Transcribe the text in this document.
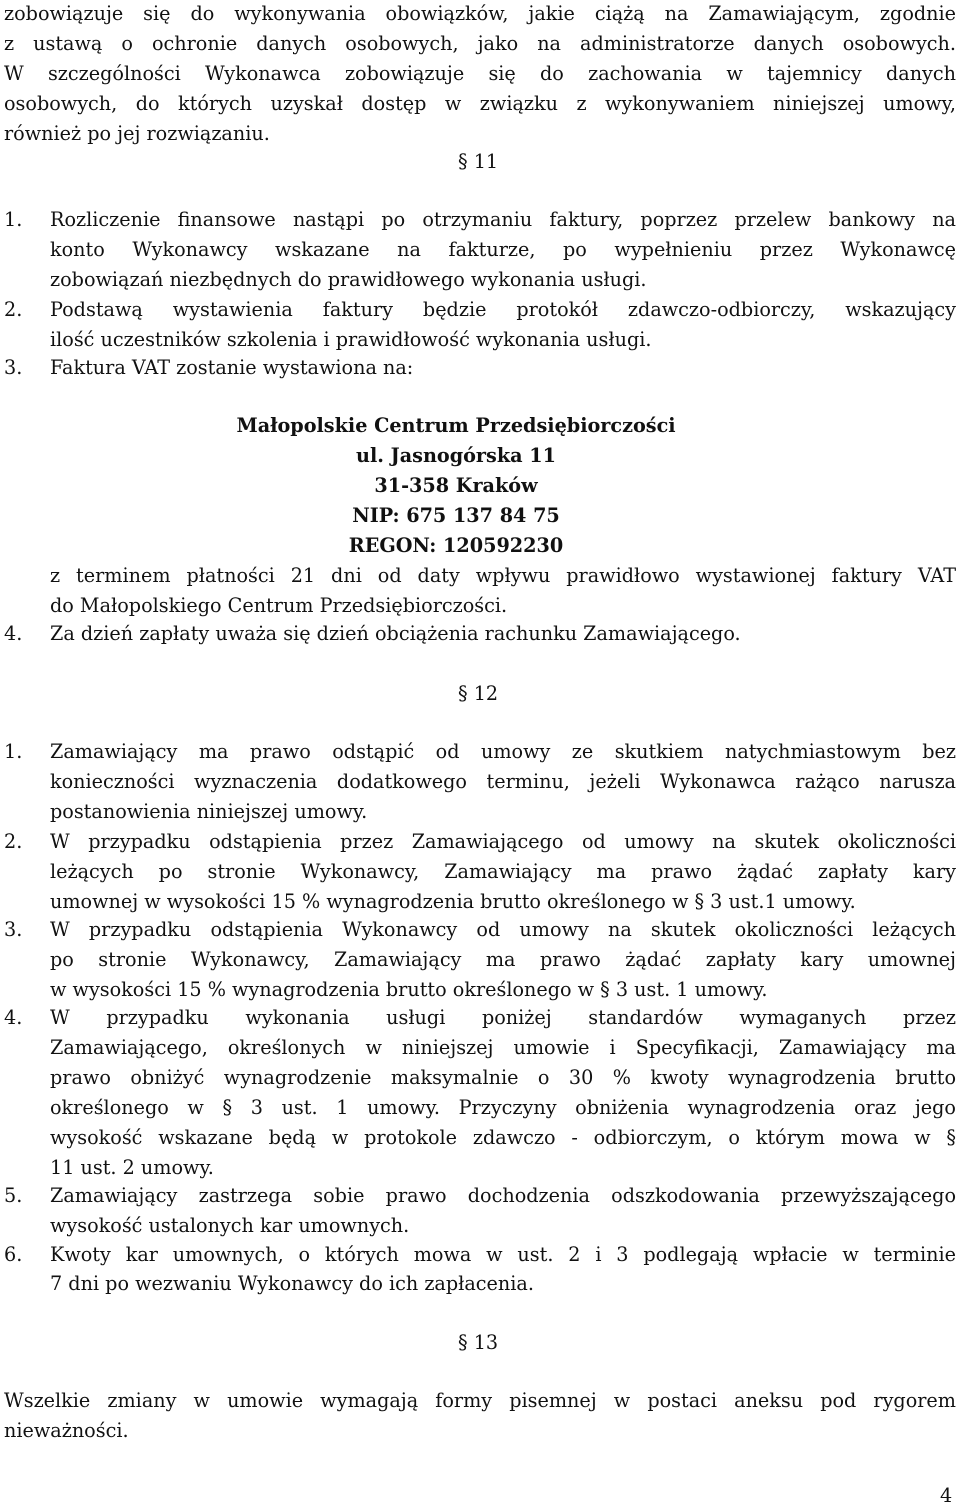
zobowiązuje się do wykonywania obowiązków, jakie ciążą na Zamawiającym, zgodnie
z ustawą o ochronie danych osobowych, jako na administratorze danych osobowych.
W szczególności Wykonawca zobowiązuje się do zachowania w tajemnicy danych
osobowych, do których uzyskał dostęp w związku z wykonywaniem niniejszej umowy,
również po jej rozwiązaniu.
§ 11
1. Rozliczenie finansowe nastąpi po otrzymaniu faktury, poprzez przelew bankowy na
konto Wykonawcy wskazane na fakturze, po wypełnieniu przez Wykonawcę
zobowiązań niezbędnych do prawidłowego wykonania usługi.
2. Podstawą wystawienia faktury będzie protokół zdawczo-odbiorczy, wskazujący
ilość uczestników szkolenia i prawidłowość wykonania usługi.
3. Faktura VAT zostanie wystawiona na:
Małopolskie Centrum Przedsiębiorczości
ul. Jasnogórska 11
31-358 Kraków
NIP: 675 137 84 75
REGON: 120592230
z terminem płatności 21 dni od daty wpływu prawidłowo wystawionej faktury VAT
do Małopolskiego Centrum Przedsiębiorczości.
4. Za dzień zapłaty uważa się dzień obciążenia rachunku Zamawiającego.
§ 12
1. Zamawiający ma prawo odstąpić od umowy ze skutkiem natychmiastowym bez
konieczności wyznaczenia dodatkowego terminu, jeżeli Wykonawca rażąco narusza
postanowienia niniejszej umowy.
2. W przypadku odstąpienia przez Zamawiającego od umowy na skutek okoliczności
leżących po stronie Wykonawcy, Zamawiający ma prawo żądać zapłaty kary
umownej w wysokości 15 % wynagrodzenia brutto określonego w § 3 ust.1 umowy.
3. W przypadku odstąpienia Wykonawcy od umowy na skutek okoliczności leżących
po stronie Wykonawcy, Zamawiający ma prawo żądać zapłaty kary umownej
w wysokości 15 % wynagrodzenia brutto określonego w § 3 ust. 1 umowy.
4. W przypadku wykonania usługi poniżej standardów wymaganych przez
Zamawiającego, określonych w niniejszej umowie i Specyfikacji, Zamawiający ma
prawo obniżyć wynagrodzenie maksymalnie o 30 % kwoty wynagrodzenia brutto
określonego w § 3 ust. 1 umowy. Przyczyny obniżenia wynagrodzenia oraz jego
wysokość wskazane będą w protokole zdawczo - odbiorczym, o którym mowa w §
11 ust. 2 umowy.
5. Zamawiający zastrzega sobie prawo dochodzenia odszkodowania przewyższającego
wysokość ustalonych kar umownych.
6. Kwoty kar umownych, o których mowa w ust. 2 i 3 podlegają wpłacie w terminie
7 dni po wezwaniu Wykonawcy do ich zapłacenia.
§ 13
Wszelkie zmiany w umowie wymagają formy pisemnej w postaci aneksu pod rygorem
nieważności.
4
